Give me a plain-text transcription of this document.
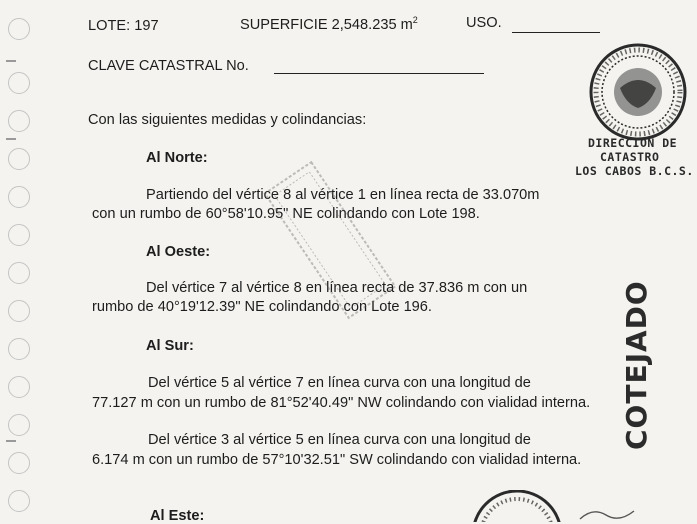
LOTE: 197	SUPERFICIE 2,548.235 $m^2$	USO.
CLAVE CATASTRAL No.
Con las siguientes medidas y colindancias:
Al Norte:
Partiendo del vértice 8 al vértice 1 en línea recta de 33.070m
con un rumbo de 60°58'10.95" NE colindando con Lote 198.
Al Oeste:
Del vértice 7 al vértice 8 en línea recta de 37.836 m con un
rumbo de 40°19'12.39" NE colindando con Lote 196.
Al Sur:
Del vértice 5 al vértice 7 en línea curva con una longitud de
77.127 m con un rumbo de 81°52'40.49" NW colindando con vialidad interna.
Del vértice 3 al vértice 5 en línea curva con una longitud de
6.174 m con un rumbo de 57°10'32.51" SW colindando con vialidad interna.
Al Este:
DIRECCION DE
CATASTRO
LOS CABOS B.C.S.
COTEJADO
